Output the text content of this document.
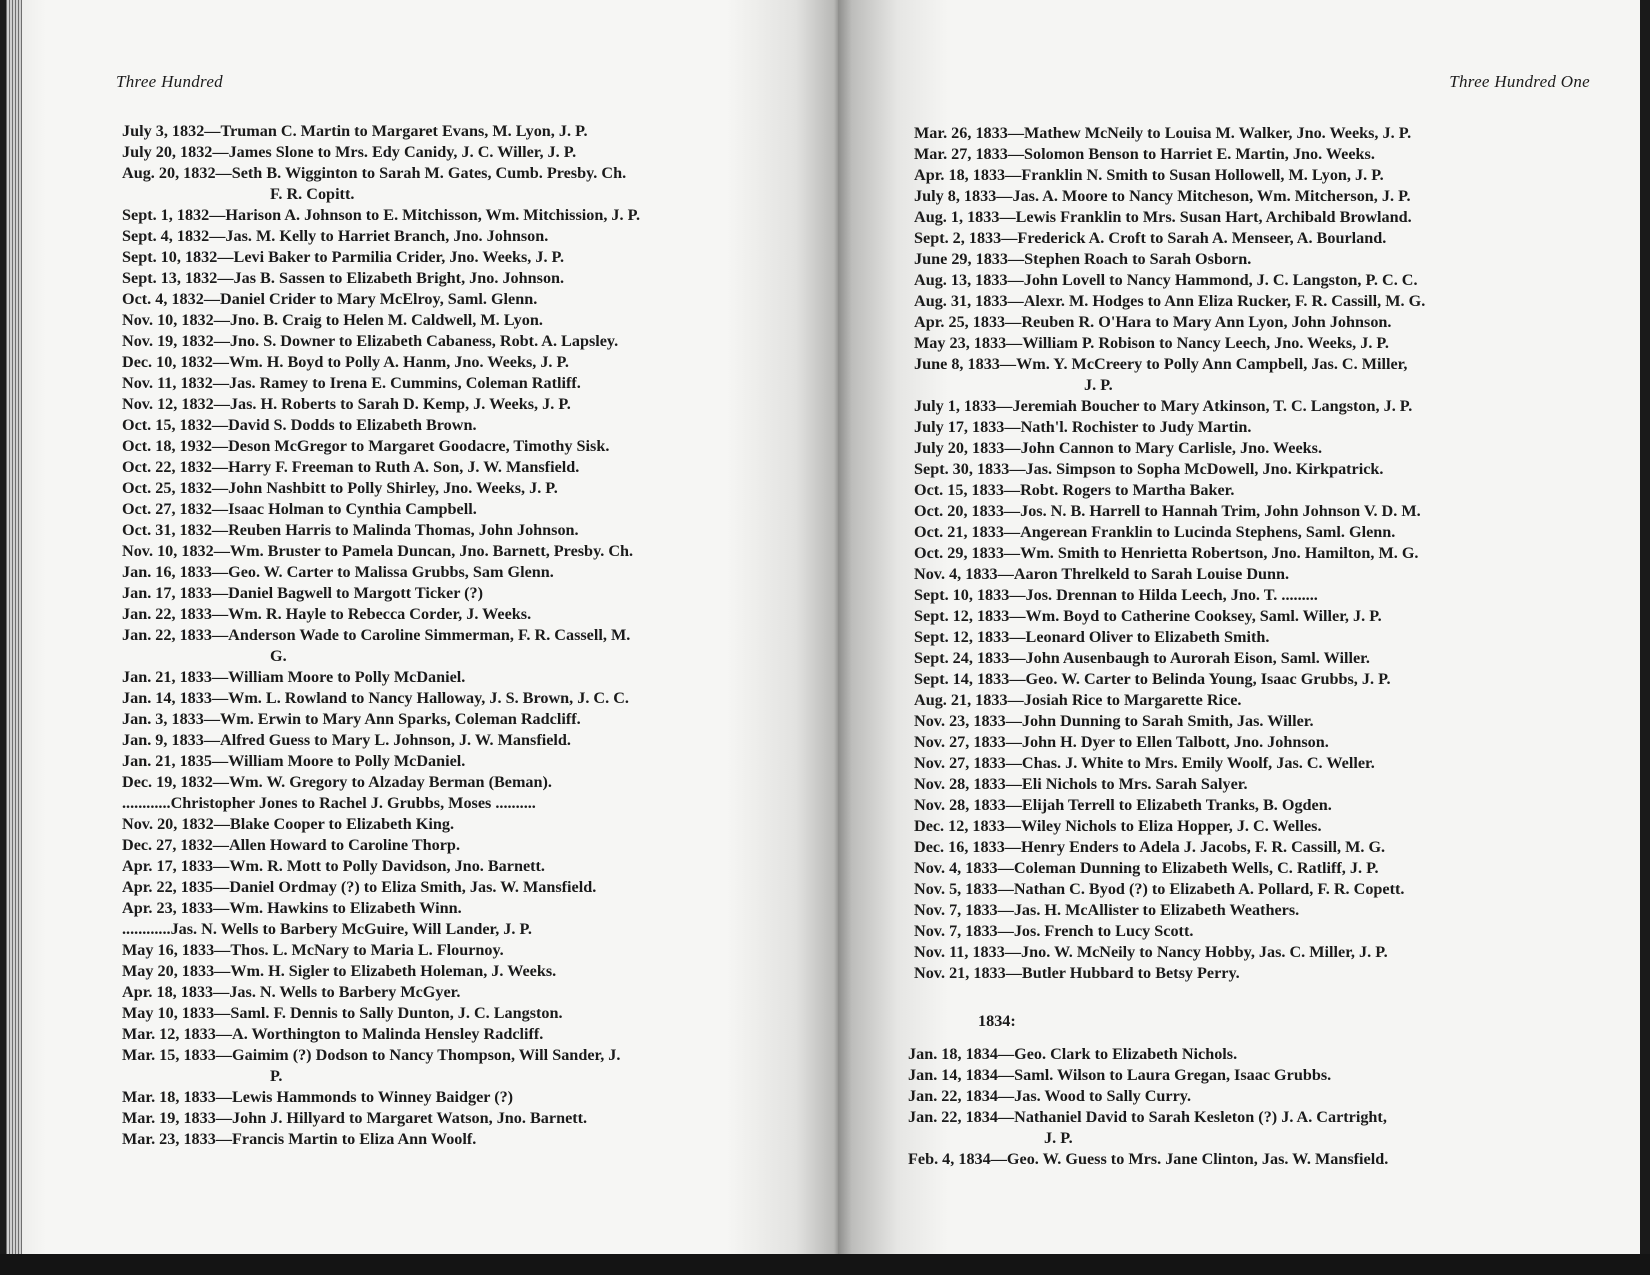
Three Hundred
July 3, 1832—Truman C. Martin to Margaret Evans, M. Lyon, J. P.
July 20, 1832—James Slone to Mrs. Edy Canidy, J. C. Willer, J. P.
Aug. 20, 1832—Seth B. Wigginton to Sarah M. Gates, Cumb. Presby. Ch.
F. R. Copitt.
Sept. 1, 1832—Harison A. Johnson to E. Mitchisson, Wm. Mitchission, J. P.
Sept. 4, 1832—Jas. M. Kelly to Harriet Branch, Jno. Johnson.
Sept. 10, 1832—Levi Baker to Parmilia Crider, Jno. Weeks, J. P.
Sept. 13, 1832—Jas B. Sassen to Elizabeth Bright, Jno. Johnson.
Oct. 4, 1832—Daniel Crider to Mary McElroy, Saml. Glenn.
Nov. 10, 1832—Jno. B. Craig to Helen M. Caldwell, M. Lyon.
Nov. 19, 1832—Jno. S. Downer to Elizabeth Cabaness, Robt. A. Lapsley.
Dec. 10, 1832—Wm. H. Boyd to Polly A. Hanm, Jno. Weeks, J. P.
Nov. 11, 1832—Jas. Ramey to Irena E. Cummins, Coleman Ratliff.
Nov. 12, 1832—Jas. H. Roberts to Sarah D. Kemp, J. Weeks, J. P.
Oct. 15, 1832—David S. Dodds to Elizabeth Brown.
Oct. 18, 1932—Deson McGregor to Margaret Goodacre, Timothy Sisk.
Oct. 22, 1832—Harry F. Freeman to Ruth A. Son, J. W. Mansfield.
Oct. 25, 1832—John Nashbitt to Polly Shirley, Jno. Weeks, J. P.
Oct. 27, 1832—Isaac Holman to Cynthia Campbell.
Oct. 31, 1832—Reuben Harris to Malinda Thomas, John Johnson.
Nov. 10, 1832—Wm. Bruster to Pamela Duncan, Jno. Barnett, Presby. Ch.
Jan. 16, 1833—Geo. W. Carter to Malissa Grubbs, Sam Glenn.
Jan. 17, 1833—Daniel Bagwell to Margott Ticker (?)
Jan. 22, 1833—Wm. R. Hayle to Rebecca Corder, J. Weeks.
Jan. 22, 1833—Anderson Wade to Caroline Simmerman, F. R. Cassell, M.
G.
Jan. 21, 1833—William Moore to Polly McDaniel.
Jan. 14, 1833—Wm. L. Rowland to Nancy Halloway, J. S. Brown, J. C. C.
Jan. 3, 1833—Wm. Erwin to Mary Ann Sparks, Coleman Radcliff.
Jan. 9, 1833—Alfred Guess to Mary L. Johnson, J. W. Mansfield.
Jan. 21, 1835—William Moore to Polly McDaniel.
Dec. 19, 1832—Wm. W. Gregory to Alzaday Berman (Beman).
............Christopher Jones to Rachel J. Grubbs, Moses ..........
Nov. 20, 1832—Blake Cooper to Elizabeth King.
Dec. 27, 1832—Allen Howard to Caroline Thorp.
Apr. 17, 1833—Wm. R. Mott to Polly Davidson, Jno. Barnett.
Apr. 22, 1835—Daniel Ordmay (?) to Eliza Smith, Jas. W. Mansfield.
Apr. 23, 1833—Wm. Hawkins to Elizabeth Winn.
............Jas. N. Wells to Barbery McGuire, Will Lander, J. P.
May 16, 1833—Thos. L. McNary to Maria L. Flournoy.
May 20, 1833—Wm. H. Sigler to Elizabeth Holeman, J. Weeks.
Apr. 18, 1833—Jas. N. Wells to Barbery McGyer.
May 10, 1833—Saml. F. Dennis to Sally Dunton, J. C. Langston.
Mar. 12, 1833—A. Worthington to Malinda Hensley Radcliff.
Mar. 15, 1833—Gaimim (?) Dodson to Nancy Thompson, Will Sander, J.
P.
Mar. 18, 1833—Lewis Hammonds to Winney Baidger (?)
Mar. 19, 1833—John J. Hillyard to Margaret Watson, Jno. Barnett.
Mar. 23, 1833—Francis Martin to Eliza Ann Woolf.
Three Hundred One
Mar. 26, 1833—Mathew McNeily to Louisa M. Walker, Jno. Weeks, J. P.
Mar. 27, 1833—Solomon Benson to Harriet E. Martin, Jno. Weeks.
Apr. 18, 1833—Franklin N. Smith to Susan Hollowell, M. Lyon, J. P.
July 8, 1833—Jas. A. Moore to Nancy Mitcheson, Wm. Mitcherson, J. P.
Aug. 1, 1833—Lewis Franklin to Mrs. Susan Hart, Archibald Browland.
Sept. 2, 1833—Frederick A. Croft to Sarah A. Menseer, A. Bourland.
June 29, 1833—Stephen Roach to Sarah Osborn.
Aug. 13, 1833—John Lovell to Nancy Hammond, J. C. Langston, P. C. C.
Aug. 31, 1833—Alexr. M. Hodges to Ann Eliza Rucker, F. R. Cassill, M. G.
Apr. 25, 1833—Reuben R. O'Hara to Mary Ann Lyon, John Johnson.
May 23, 1833—William P. Robison to Nancy Leech, Jno. Weeks, J. P.
June 8, 1833—Wm. Y. McCreery to Polly Ann Campbell, Jas. C. Miller,
J. P.
July 1, 1833—Jeremiah Boucher to Mary Atkinson, T. C. Langston, J. P.
July 17, 1833—Nath'l. Rochister to Judy Martin.
July 20, 1833—John Cannon to Mary Carlisle, Jno. Weeks.
Sept. 30, 1833—Jas. Simpson to Sopha McDowell, Jno. Kirkpatrick.
Oct. 15, 1833—Robt. Rogers to Martha Baker.
Oct. 20, 1833—Jos. N. B. Harrell to Hannah Trim, John Johnson V. D. M.
Oct. 21, 1833—Angerean Franklin to Lucinda Stephens, Saml. Glenn.
Oct. 29, 1833—Wm. Smith to Henrietta Robertson, Jno. Hamilton, M. G.
Nov. 4, 1833—Aaron Threlkeld to Sarah Louise Dunn.
Sept. 10, 1833—Jos. Drennan to Hilda Leech, Jno. T. .........
Sept. 12, 1833—Wm. Boyd to Catherine Cooksey, Saml. Willer, J. P.
Sept. 12, 1833—Leonard Oliver to Elizabeth Smith.
Sept. 24, 1833—John Ausenbaugh to Aurorah Eison, Saml. Willer.
Sept. 14, 1833—Geo. W. Carter to Belinda Young, Isaac Grubbs, J. P.
Aug. 21, 1833—Josiah Rice to Margarette Rice.
Nov. 23, 1833—John Dunning to Sarah Smith, Jas. Willer.
Nov. 27, 1833—John H. Dyer to Ellen Talbott, Jno. Johnson.
Nov. 27, 1833—Chas. J. White to Mrs. Emily Woolf, Jas. C. Weller.
Nov. 28, 1833—Eli Nichols to Mrs. Sarah Salyer.
Nov. 28, 1833—Elijah Terrell to Elizabeth Tranks, B. Ogden.
Dec. 12, 1833—Wiley Nichols to Eliza Hopper, J. C. Welles.
Dec. 16, 1833—Henry Enders to Adela J. Jacobs, F. R. Cassill, M. G.
Nov. 4, 1833—Coleman Dunning to Elizabeth Wells, C. Ratliff, J. P.
Nov. 5, 1833—Nathan C. Byod (?) to Elizabeth A. Pollard, F. R. Copett.
Nov. 7, 1833—Jas. H. McAllister to Elizabeth Weathers.
Nov. 7, 1833—Jos. French to Lucy Scott.
Nov. 11, 1833—Jno. W. McNeily to Nancy Hobby, Jas. C. Miller, J. P.
Nov. 21, 1833—Butler Hubbard to Betsy Perry.
1834:
Jan. 18, 1834—Geo. Clark to Elizabeth Nichols.
Jan. 14, 1834—Saml. Wilson to Laura Gregan, Isaac Grubbs.
Jan. 22, 1834—Jas. Wood to Sally Curry.
Jan. 22, 1834—Nathaniel David to Sarah Kesleton (?) J. A. Cartright,
J. P.
Feb. 4, 1834—Geo. W. Guess to Mrs. Jane Clinton, Jas. W. Mansfield.
